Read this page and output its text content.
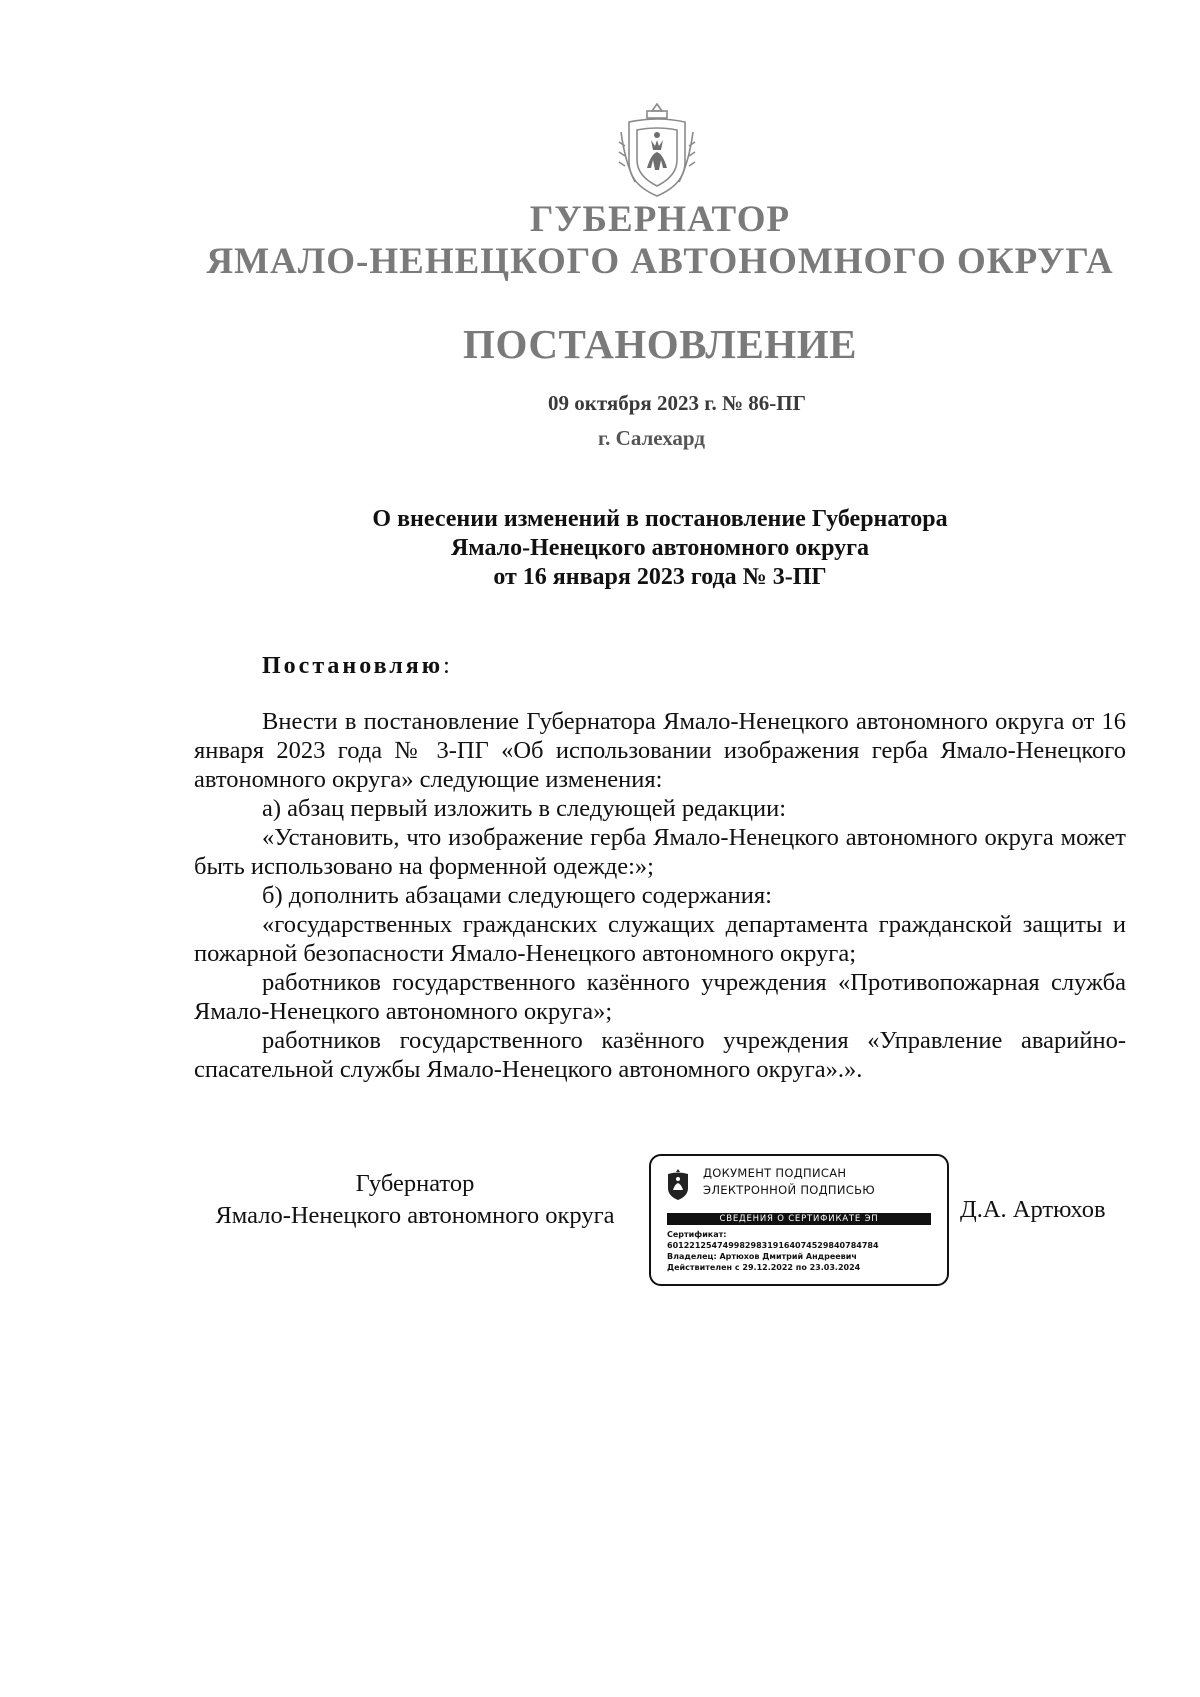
ГУБЕРНАТОР
ЯМАЛО-НЕНЕЦКОГО АВТОНОМНОГО ОКРУГА
ПОСТАНОВЛЕНИЕ
09 октября 2023 г. № 86-ПГ
г. Салехард
О внесении изменений в постановление Губернатора
Ямало-Ненецкого автономного округа
от 16 января 2023 года № 3-ПГ
Постановляю:

Внести в постановление Губернатора Ямало-Ненецкого автономного округа от 16 января 2023 года № 3-ПГ «Об использовании изображения герба Ямало-Ненецкого автономного округа» следующие изменения:

а) абзац первый изложить в следующей редакции:

«Установить, что изображение герба Ямало-Ненецкого автономного округа может быть использовано на форменной одежде:»;

б) дополнить абзацами следующего содержания:

«государственных гражданских служащих департамента гражданской защиты и пожарной безопасности Ямало-Ненецкого автономного округа;

работников государственного казённого учреждения «Противопожарная служба Ямало-Ненецкого автономного округа»;

работников государственного казённого учреждения «Управление аварийно-спасательной службы Ямало-Ненецкого автономного округа».».

Губернатор
Ямало-Ненецкого автономного округа
ДОКУМЕНТ ПОДПИСАН
ЭЛЕКТРОННОЙ ПОДПИСЬЮ
СВЕДЕНИЯ О СЕРТИФИКАТЕ ЭП
Сертификат:
601221254749982983191640745298407847​84
Владелец: Артюхов Дмитрий Андреевич
Действителен с 29.12.2022 по 23.03.2024
Д.А. Артюхов
